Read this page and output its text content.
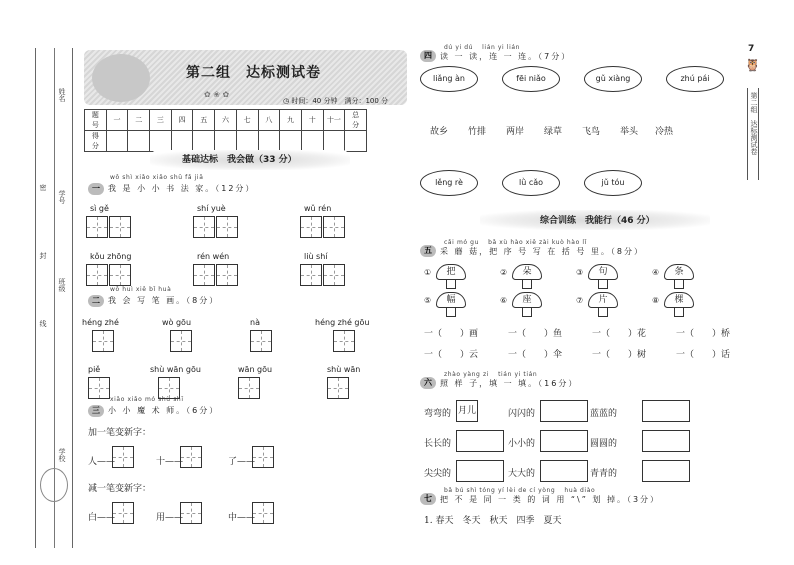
姓名
学号
班级
学校
密
封
线
✿ ❀ ✿
第二组　达标测试卷
◷ 时间：40 分钟　满分：100 分
题　号	一	二	三	四	五	六	七	八	九	十	十一	总　分
得　分												
基础达标　我会做（33 分）
一
wǒ shì xiǎo xiǎo shū fǎ jiā
我 是 小 小 书 法 家。（12分）
二
wǒ huì xiě bǐ huà
我 会 写 笔 画。（8分）
三
xiǎo xiǎo mó shù shī
小 小 魔 术 师。（6分）
加一笔变新字：
减一笔变新字：
四
dú yi dú　 lián yi lián
读 一 读，连 一 连。（7分）
综合训练　我能行（46 分）
五
cǎi mó gu　 bǎ xù hào xiě zài kuò hào lǐ
采 蘑 菇，把 序 号 写 在 括 号 里。（8分）
六
zhào yàng zi　 tián yi tián
照 样 子，填 一 填。（16分）
七
bǎ bú shì tóng yí lèi de cí yòng　 huà diào
把 不 是 同 一 类 的 词 用 “\” 划 掉。（3分）
1. 春天　冬天　秋天　四季　夏天
7
🦉
第二组　达标测试卷
sì gě	shí yuè	wǔ rén
kǒu zhōng	rén wén	liù shí
héng zhé	wò gōu	nà	héng zhé gōu
piě	shù wān gōu	wān gōu	shù wān
人——	十——	了——
白——	用——	中——
liǎng àn	fēi niǎo	gǔ xiàng	zhú pái
故乡 竹排 两岸 绿草 飞鸟 举头 冷热
lěng rè	lǜ cǎo	jǔ tóu
①	把	②	朵	③	句	④	条
⑤	幅	⑥	座	⑦	片	⑧	棵
一（　　）画	一（　　）鱼	一（　　）花	一（　　）桥
一（　　）云	一（　　）伞	一（　　）树	一（　　）话
弯弯的 月儿	闪闪的	蓝蓝的
长长的	小小的	圆圆的
尖尖的	大大的	青青的
